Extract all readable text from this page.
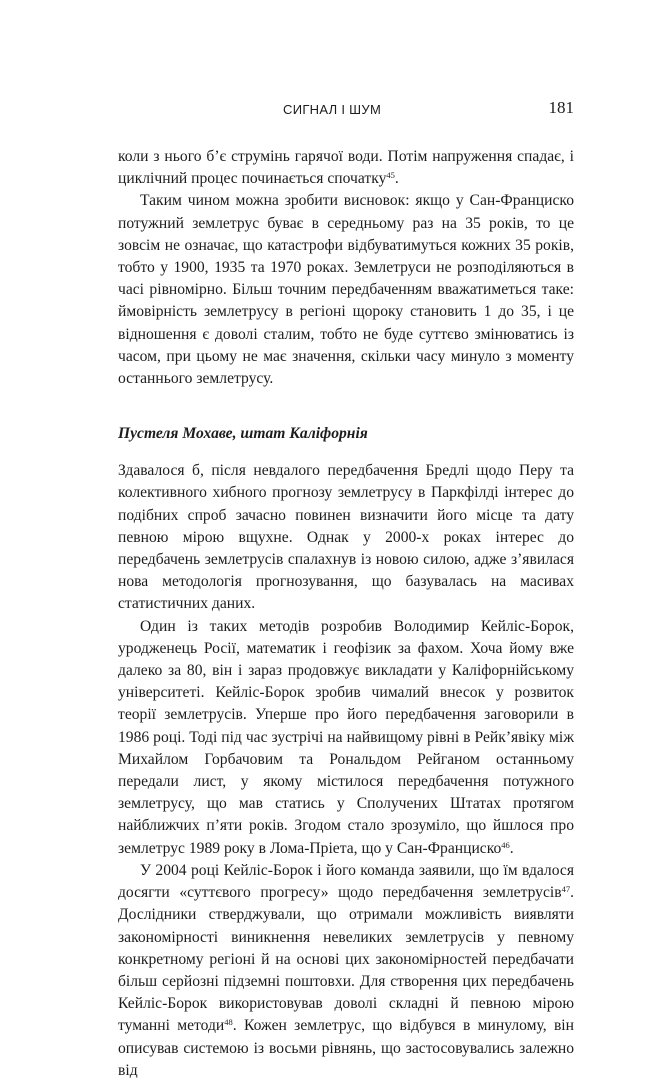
СИГНАЛ І ШУМ	181

коли з нього б’є струмінь гарячої води. Потім напруження спадає, і циклічний процес починається спочатку$^{45}$.

Таким чином можна зробити висновок: якщо у Сан-Франциско потужний землетрус буває в середньому раз на 35 років, то це зовсім не означає, що катастрофи відбуватимуться кожних 35 років, тобто у 1900, 1935 та 1970 роках. Землетруси не розподіляються в часі рівномірно. Більш точним передбаченням вважатиметься таке: ймовірність землетрусу в регіоні щороку становить 1 до 35, і це відношення є доволі сталим, тобто не буде суттєво змінюватись із часом, при цьому не має значення, скільки часу минуло з моменту останнього землетрусу.

Пустеля Мохаве, штат Каліфорнія

Здавалося б, після невдалого передбачення Бредлі щодо Перу та колективного хибного прогнозу землетрусу в Паркфілді інтерес до подібних спроб зачасно повинен визначити його місце та дату певною мірою вщухне. Однак у 2000-х роках інтерес до передбачень землетрусів спалахнув із новою силою, адже з’явилася нова методологія прогнозування, що базувалась на масивах статистичних даних.

Один із таких методів розробив Володимир Кейліс-Борок, уродженець Росії, математик і геофізик за фахом. Хоча йому вже далеко за 80, він і зараз продовжує викладати у Каліфорнійському університеті. Кейліс-Борок зробив чималий внесок у розвиток теорії землетрусів. Уперше про його передбачення заговорили в 1986 році. Тоді під час зустрічі на найвищому рівні в Рейк’явіку між Михайлом Горбачовим та Рональдом Рейганом останньому передали лист, у якому містилося передбачення потужного землетрусу, що мав статись у Сполучених Штатах протягом найближчих п’яти років. Згодом стало зрозуміло, що йшлося про землетрус 1989 року в Лома-Пріета, що у Сан-Франциско$^{46}$.

У 2004 році Кейліс-Борок і його команда заявили, що їм вдалося досягти «суттєвого прогресу» щодо передбачення землетрусів$^{47}$. Дослідники стверджували, що отримали можливість виявляти закономірності виникнення невеликих землетрусів у певному конкретному регіоні й на основі цих закономірностей передбачати більш серйозні підземні поштовхи. Для створення цих передбачень Кейліс-Борок використовував доволі складні й певною мірою туманні методи$^{48}$. Кожен землетрус, що відбувся в минулому, він описував системою із восьми рівнянь, що застосовувались залежно від
